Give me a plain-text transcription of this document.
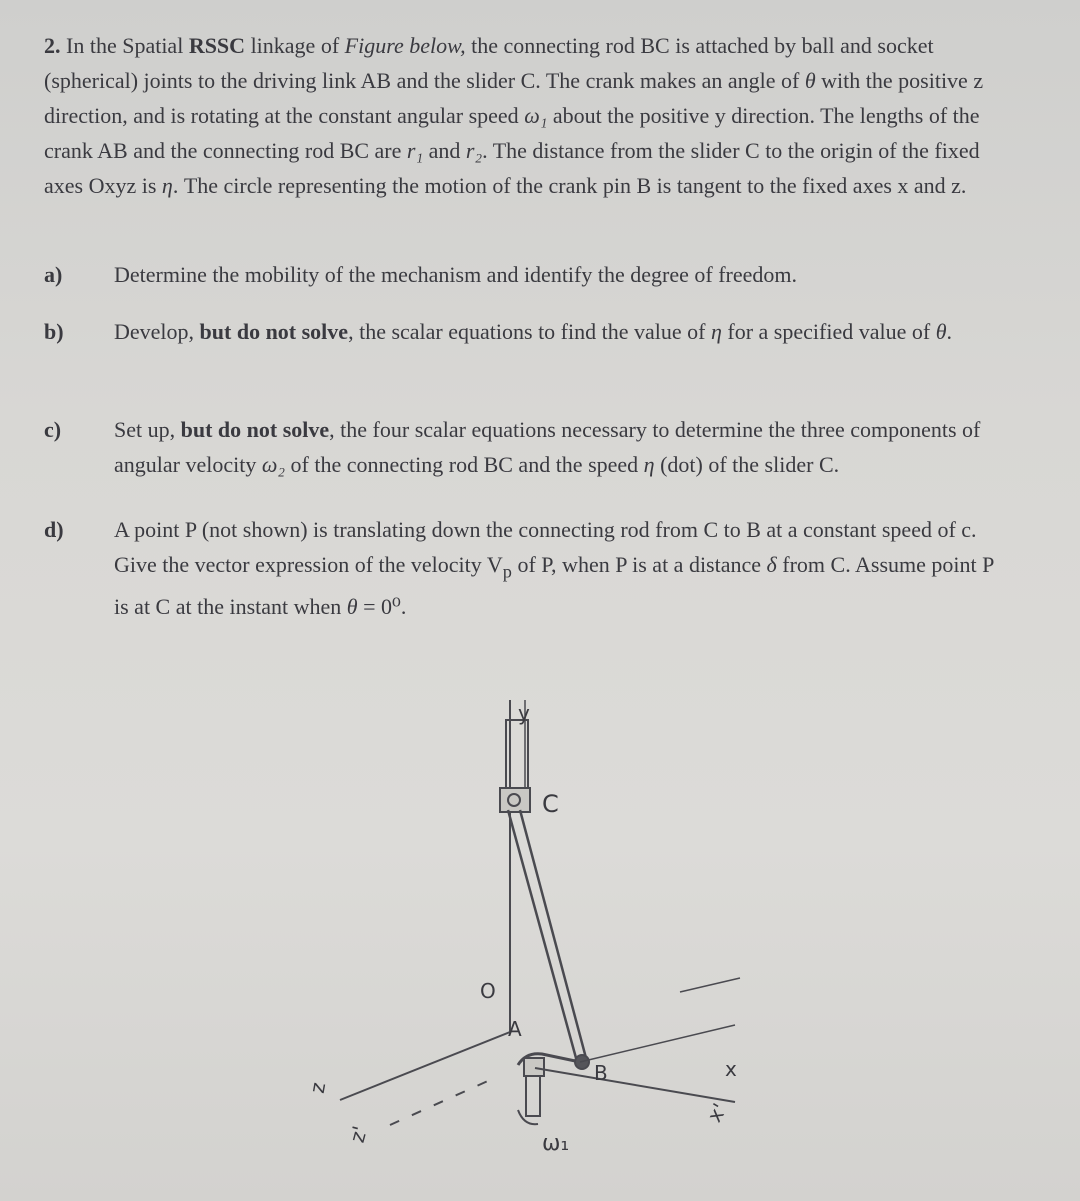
2. In the Spatial RSSC linkage of Figure below, the connecting rod BC is attached by ball and socket (spherical) joints to the driving link AB and the slider C. The crank makes an angle of θ with the positive z direction, and is rotating at the constant angular speed ω₁ about the positive y direction. The lengths of the crank AB and the connecting rod BC are r₁ and r₂. The distance from the slider C to the origin of the fixed axes Oxyz is η. The circle representing the motion of the crank pin B is tangent to the fixed axes x and z.

a)	Determine the mobility of the mechanism and identify the degree of freedom.
b)	Develop, but do not solve, the scalar equations to find the value of η for a specified value of θ.
c)	Set up, but do not solve, the four scalar equations necessary to determine the three components of angular velocity ω₂ of the connecting rod BC and the speed η (dot) of the slider C.
d)	A point P (not shown) is translating down the connecting rod from C to B at a constant speed of c. Give the vector expression of the velocity $V_p$ of P, when P is at a distance δ from C. Assume point P is at C at the instant when θ = 0⁰.
y
C
O
A
B	x
x'
z
z'	ω₁
